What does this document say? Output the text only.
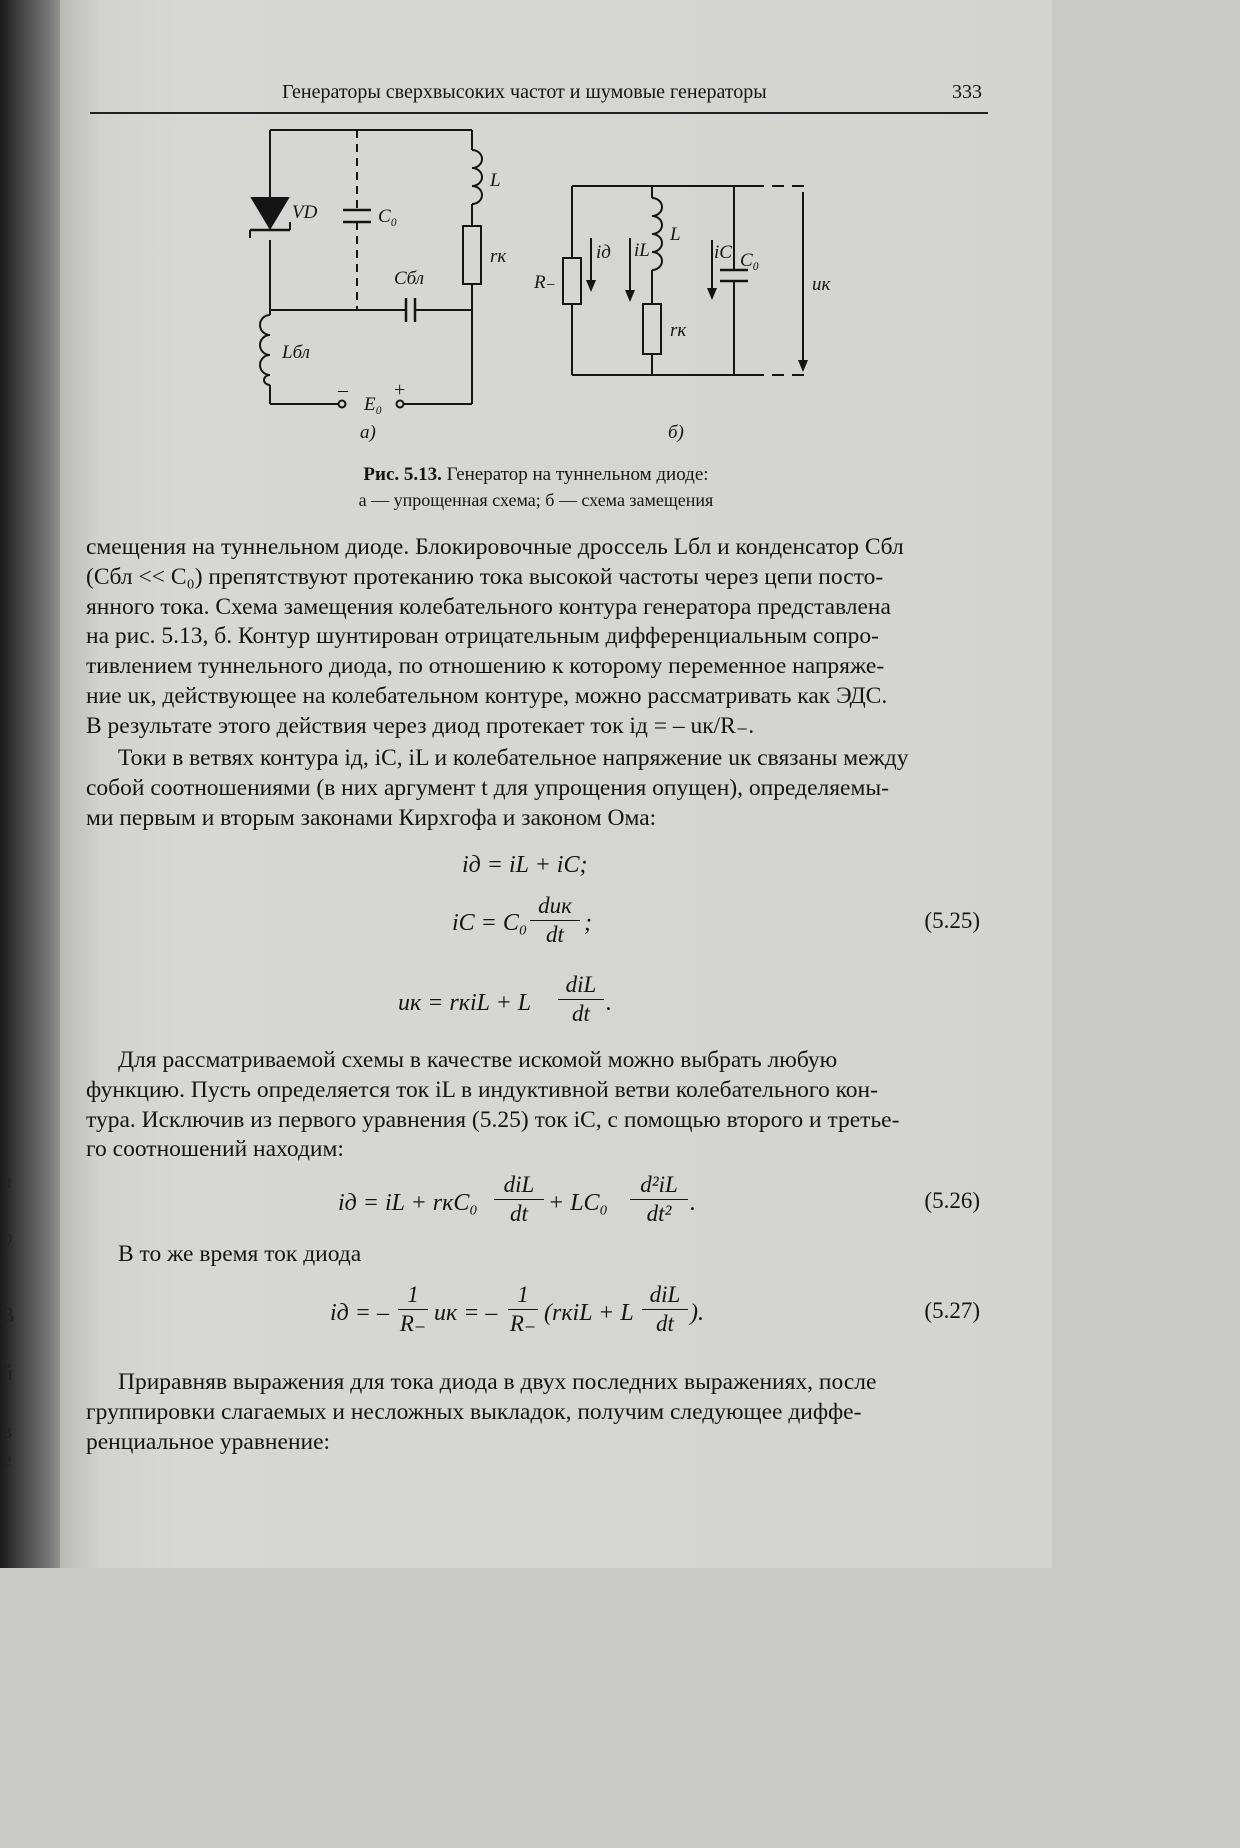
а
р
В
й
в
е
Генераторы сверхвысоких частот и шумовые генераторы	333
VD	C₀
L
rк
Cбл
Lбл
E₀
– +
а)
R₋
iд iL
L
iC C₀
rк
uк
б)
Рис. 5.13. Генератор на туннельном диоде:
а — упрощенная схема; б — схема замещения
смещения на туннельном диоде. Блокировочные дроссель Lбл и конденсатор Cбл
(Cбл << C₀) препятствуют протеканию тока высокой частоты через цепи посто-
янного тока. Схема замещения колебательного контура генератора представлена
на рис. 5.13, б. Контур шунтирован отрицательным дифференциальным сопро-
тивлением туннельного диода, по отношению к которому переменное напряже-
ние uк, действующее на колебательном контуре, можно рассматривать как ЭДС.
В результате этого действия через диод протекает ток iд = – uк/R₋.
Токи в ветвях контура iд, iC, iL и колебательное напряжение uк связаны между
собой соотношениями (в них аргумент t для упрощения опущен), определяемы-
ми первым и вторым законами Кирхгофа и законом Ома:
iд = iL + iC;
iC = C₀
duк
dt ;	(5.25)
uк = rкiL + L
diL
dt .
Для рассматриваемой схемы в качестве искомой можно выбрать любую
функцию. Пусть определяется ток iL в индуктивной ветви колебательного кон-
тура. Исключив из первого уравнения (5.25) ток iC, с помощью второго и третье-
го соотношений находим:
iд = iL + rкC₀
diL
dt + LC₀
d²iL
dt² .	(5.26)
В то же время ток диода
iд = –
1
R₋ uк = –
1
R₋ (rкiL + L
diL
dt ).	(5.27)
Приравняв выражения для тока диода в двух последних выражениях, после
группировки слагаемых и несложных выкладок, получим следующее диффе-
ренциальное уравнение:
